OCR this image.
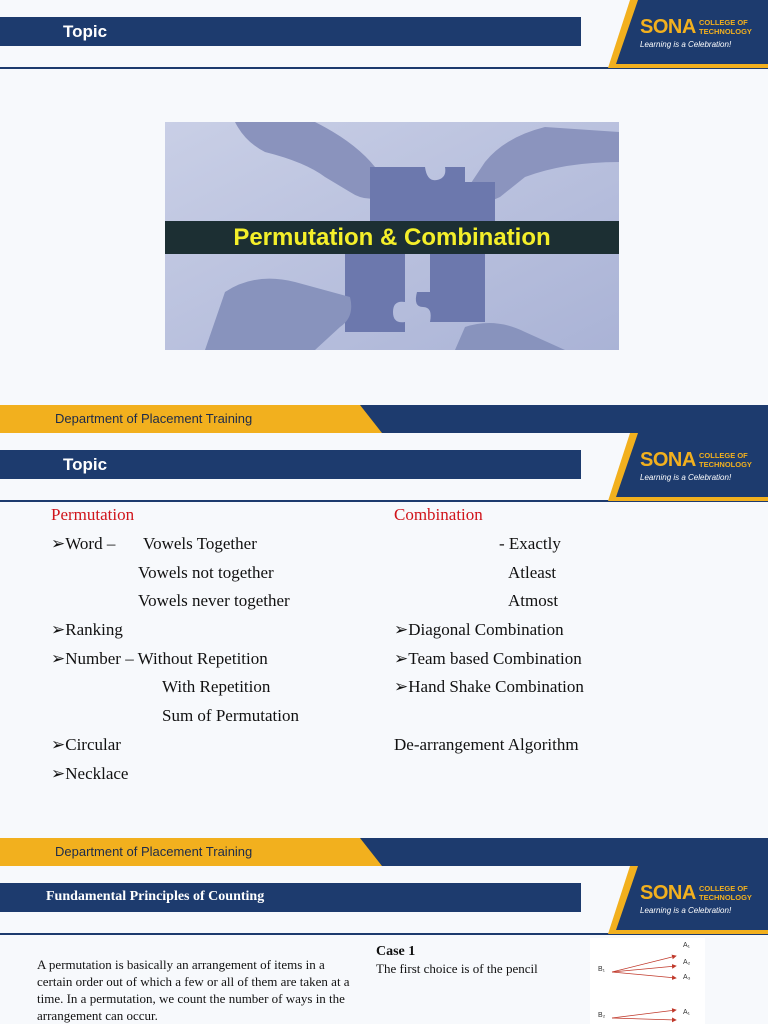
Topic	SONA COLLEGE OF
TECHNOLOGY
Learning is a Celebration!
Permutation & Combination
Department of Placement Training
Topic	SONA COLLEGE OF
TECHNOLOGY
Learning is a Celebration!
Permutation
➢Word – Vowels Together
Vowels not together
Vowels never together
➢Ranking
➢Number – Without Repetition
With Repetition
Sum of Permutation
➢Circular
➢Necklace
Combination
- Exactly
Atleast
Atmost
➢Diagonal Combination
➢Team based Combination
➢Hand Shake Combination
De-arrangement Algorithm
Department of Placement Training
Fundamental Principles of Counting	SONA COLLEGE OF
TECHNOLOGY
Learning is a Celebration!
A permutation is basically an arrangement of items in a certain order out of which a few or all of them are taken at a time. In a permutation, we count the number of ways in the arrangement can occur.
Case 1
The first choice is of the pencil	B₁
B₂
A₁
A₂
A₃
A₁
